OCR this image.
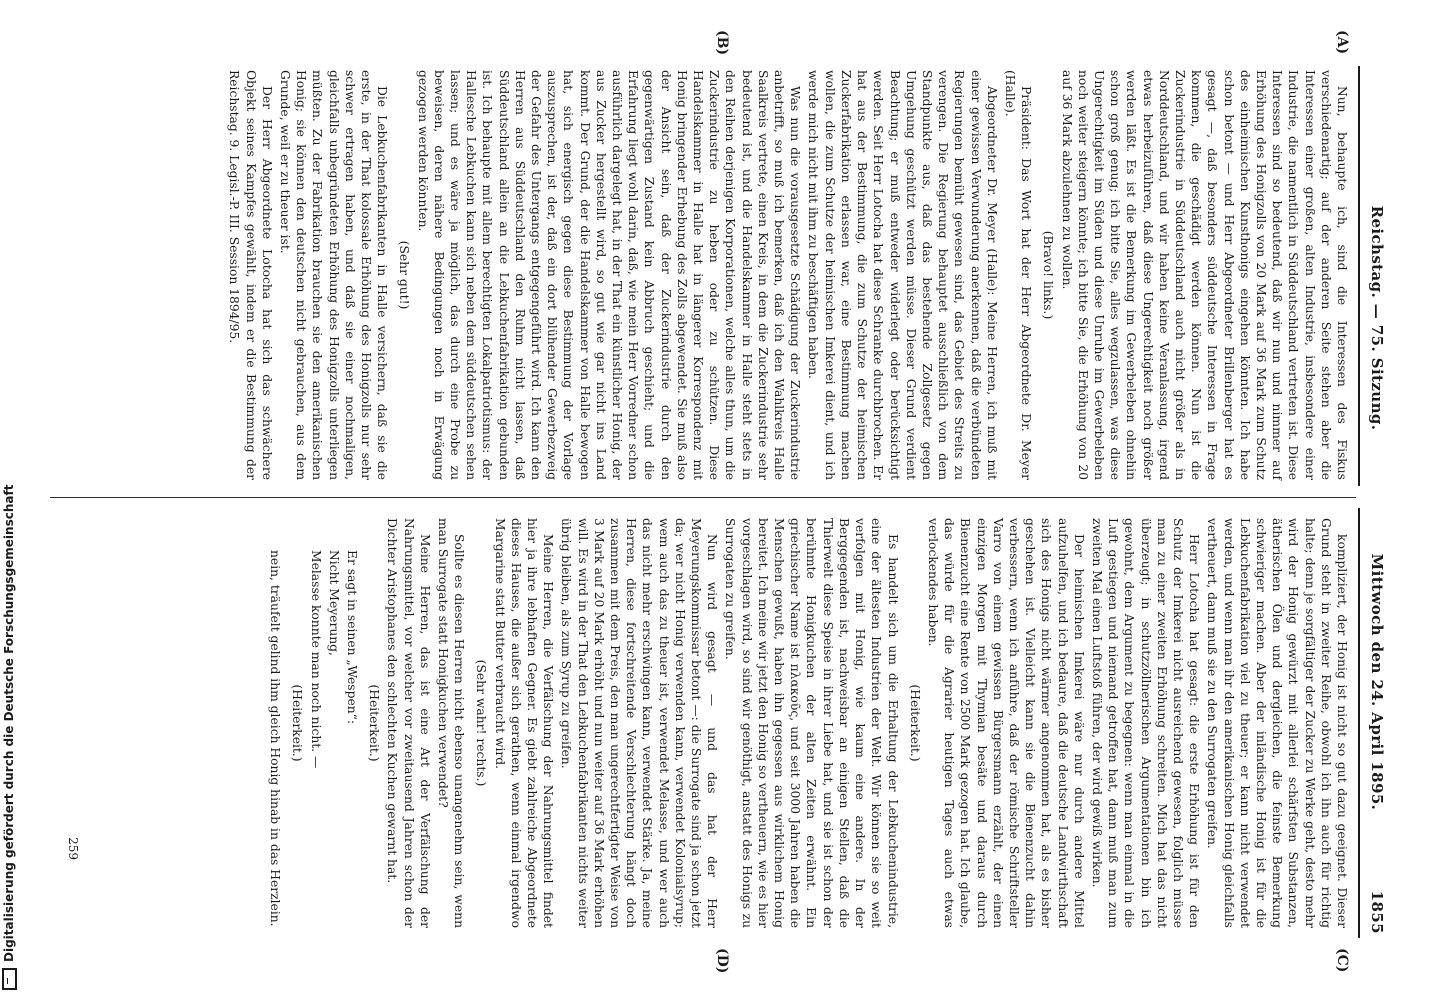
Reichstag. — 75. Sitzung.
Mittwoch den 24. April 1895.
1855
(A)
(B)
(C)
(D)

Nun, behaupte ich, sind die Interessen des Fiskus verschiedenartig; auf der anderen Seite stehen aber die Interessen einer großen, alten Industrie, insbesondere einer Industrie, die namentlich in Süddeutschland vertreten ist. Diese Interessen sind so bedeutend, daß wir nun und nimmer auf Erhöhung des Honigzolls von 20 Mark auf 36 Mark zum Schutz des einheimischen Kunsthonigs eingehen könnten. Ich habe schon betont — und Herr Abgeordneter Brillenberger hat es gesagt —, daß besonders süddeutsche Interessen in Frage kommen, die geschädigt werden können. Nun ist die Zuckerindustrie in Süddeutschland auch nicht größer als in Norddeutschland, und wir haben keine Veranlassung, irgend etwas herbeizuführen, daß diese Ungerechtigkeit noch größer werden läßt. Es ist die Bemerkung im Gewerbeleben ohnehin schon groß genug; ich bitte Sie, alles wegzulassen, was diese Ungerechtigkeit im Süden und diese Unruhe im Gewerbeleben noch weiter steigern könnte; ich bitte Sie, die Erhöhung von 20 auf 36 Mark abzulehnen zu wollen.

(Bravo! links.)

Präsident: Das Wort hat der Herr Abgeordnete Dr. Meyer (Halle).

Abgeordneter Dr. Meyer (Halle): Meine Herren, ich muß mit einer gewissen Verwunderung anerkennen, daß die verbündeten Regierungen bemüht gewesen sind, das Gebiet des Streits zu verengen. Die Regierung behauptet ausschließlich von dem Standpunkte aus, daß das bestehende Zollgesetz gegen Umgehung geschützt werden müsse. Dieser Grund verdient Beachtung; er muß entweder widerlegt oder berücksichtigt werden. Seit Herr Lotocha hat diese Schranke durchbrochen. Er hat aus der Bestimmung, die zum Schutze der heimischen Zuckerfabrikation erlassen war, eine Bestimmung machen wollen, die zum Schutze der heimischen Imkerei dient, und ich werde mich nicht mit ihm zu beschäftigen haben.

Was nun die vorausgesetzte Schädigung der Zuckerindustrie anbetrifft, so muß ich bemerken, daß ich den Wahlkreis Halle Saalkreis vertrete, einen Kreis, in dem die Zuckerindustrie sehr bedeutend ist, und die Handelskammer in Halle steht stets in den Reihen derjenigen Korporationen, welche alles thun, um die Zuckerindustrie zu heben oder zu schützen. Diese Handelskammer in Halle hat in längerer Korrespondenz mit Honig bringender Erhebung des Zolls abgewendet. Sie muß also der Ansicht sein, daß der Zuckerindustrie durch den gegenwärtigen Zustand kein Abbruch geschieht; und die Erfahrung liegt wohl darin, daß, wie mein Herr Vorredner schon ausführlich dargelegt hat, in der That ein künstlicher Honig, der aus Zucker hergestellt wird, so gut wie gar nicht ins Land kommt. Der Grund, der die Handelskammer von Halle bewogen hat, sich energisch gegen diese Bestimmung der Vorlage auszusprechen, ist der, daß ein dort blühender Gewerbezweig der Gefahr des Untergangs entgegengeführt wird. Ich kann den Herren aus Süddeutschland den Ruhm nicht lassen, daß Süddeutschland allein an die Lebkuchenfabrikation gebunden ist. Ich behaupte mit allem berechtigten Lokalpatriotismus: der Hallesche Lebkuchen kann sich neben dem süddeutschen sehen lassen; und es wäre ja möglich, das durch eine Probe zu beweisen, deren nähere Bedingungen noch in Erwägung gezogen werden könnten.

(Sehr gut!)

Die Lebkuchenfabrikanten in Halle versichern, daß sie die erste, in der That kolossale Erhöhung des Honigzolls nur sehr schwer ertragen haben, und daß sie einer nochmaligen, gleichfalls unbegründeten Erhöhung des Honigzolls unterliegen müßten. Zu der Fabrikation brauchen sie den amerikanischen Honig; sie können den deutschen nicht gebrauchen, aus dem Grunde, weil er zu theuer ist.

Der Herr Abgeordnete Lotocha hat sich das schwächere Objekt seines Kampfes gewählt, indem er die Bestimmung der Reichstag. 9. Legisl.-P. III. Session 1894/95.

kompliziert, der Honig ist nicht so gut dazu geeignet. Dieser Grund steht in zweiter Reihe, obwohl ich ihn auch für richtig halte; denn je sorgfältiger der Zucker zu Werke geht, desto mehr wird der Honig gewürzt mit allerlei schärfsten Substanzen, ätherischen Ölen und dergleichen, die feinste Bemerkung schwieriger machen. Aber der inländische Honig ist für die Lebkuchenfabrikation viel zu theuer; er kann nicht verwendet werden, und wenn man ihr den amerikanischen Honig gleichfalls vertheuert, dann muß sie zu den Surrogaten greifen.

Herr Lotocha hat gesagt: die erste Erhöhung ist für den Schutz der Imkerei nicht ausreichend gewesen, folglich müsse man zu einer zweiten Erhöhung schreiten. Mich hat das nicht überzeugt; in schutzzöllnerischen Argumentationen bin ich gewohnt, dem Argument zu begegnen: wenn man einmal in die Luft gestiegen und niemand getroffen hat, dann muß man zum zweiten Mal einen Luftstoß führen, der wird gewiß wirken.

Der heimischen Imkerei wäre nur durch andere Mittel aufzuhelfen, und ich bedaure, daß die deutsche Landwirthschaft sich des Honigs nicht wärmer angenommen hat, als es bisher geschehen ist. Vielleicht kann sie die Bienenzucht dahin verbessern, wenn ich anführe, daß der römische Schriftsteller Varro von einem gewissen Bürgersmann erzählt, der einen einzigen Morgen mit Thymian besäte und daraus durch Bienenzucht eine Rente von 2500 Mark gezogen hat. Ich glaube, das würde für die Agrarier heutigen Tages auch etwas verlockendes haben.

(Heiterkeit.)

Es handelt sich um die Erhaltung der Lebkuchenindustrie, eine der ältesten Industrien der Welt. Wir können sie so weit verfolgen mit Honig, wie kaum eine andere. In der Berggegenden ist, nachweisbar an einigen Stellen, daß die Thierwelt diese Speise in ihrer Liebe hat, und sie ist schon der berühmte Honigkuchen der alten Zeiten erwähnt. Ein griechischer Name ist πλακοῦς, und seit 3000 Jahren haben die Menschen gewußt, haben ihn gegessen aus wirklichem Honig bereitet. Ich meine wir jetzt den Honig so vertheuern, wie es hier vorgeschlagen wird, so sind wir genöthigt, anstatt des Honigs zu Surrogaten zu greifen.

Nun wird gesagt — und das hat der Herr Meyerungskommissar betont —: die Surrogate sind ja schon jetzt da; wer nicht Honig verwenden kann, verwendet Kolonialsyrup; wem auch das zu theuer ist, verwendet Melasse, und wer auch das nicht mehr erschwingen kann, verwendet Stärke. Ja, meine Herren, diese fortschreitende Verschlechterung hängt doch zusammen mit dem Preis, den man ungerechtfertigter Weise von 3 Mark auf 20 Mark erhöht und nun weiter auf 36 Mark erhöhen will. Es wird in der That den Lebkuchenfabrikanten nichts weiter übrig bleiben, als zum Syrup zu greifen.

Meine Herren, die Verfälschung der Nahrungsmittel findet hier ja ihre lebhaften Gegner. Es giebt zahlreiche Abgeordnete dieses Hauses, die außer sich gerathen, wenn einmal irgendwo Margarine statt Butter verbraucht wird.

(Sehr wahr! rechts.)

Sollte es diesen Herren nicht ebenso unangenehm sein, wenn man Surrogate statt Honigkuchen verwendet?

Meine Herren, das ist eine Art der Verfälschung der Nahrungsmittel, vor welcher vor zweitausend Jahren schon der Dichter Aristophanes den schlechten Kuchen gewarnt hat.

(Heiterkeit.)

Er sagt in seinen „Wespen“:

Nicht Meyerung,

Melasse konnte man noch nicht. —

(Heiterkeit.)

nein, träufelt gelind ihm gleich Honig hinab in das Herzlein.

259
Digitalisierung gefördert durch die Deutsche Forschungsgemeinschaft
